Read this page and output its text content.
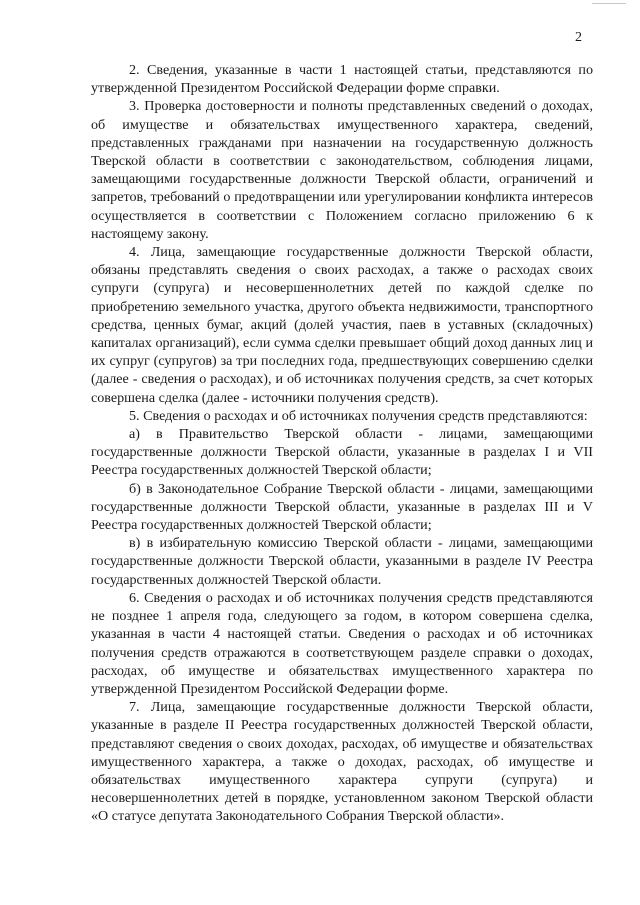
2

2. Сведения, указанные в части 1 настоящей статьи, представляются по утвержденной Президентом Российской Федерации форме справки.

3. Проверка достоверности и полноты представленных сведений о доходах, об имуществе и обязательствах имущественного характера, сведений, представленных гражданами при назначении на государственную должность Тверской области в соответствии с законодательством, соблюдения лицами, замещающими государственные должности Тверской области, ограничений и запретов, требований о предотвращении или урегулировании конфликта интересов осуществляется в соответствии с Положением согласно приложению 6 к настоящему закону.

4. Лица, замещающие государственные должности Тверской области, обязаны представлять сведения о своих расходах, а также о расходах своих супруги (супруга) и несовершеннолетних детей по каждой сделке по приобретению земельного участка, другого объекта недвижимости, транспортного средства, ценных бумаг, акций (долей участия, паев в уставных (складочных) капиталах организаций), если сумма сделки превышает общий доход данных лиц и их супруг (супругов) за три последних года, предшествующих совершению сделки (далее - сведения о расходах), и об источниках получения средств, за счет которых совершена сделка (далее - источники получения средств).

5. Сведения о расходах и об источниках получения средств представляются:

а) в Правительство Тверской области - лицами, замещающими государственные должности Тверской области, указанные в разделах I и VII Реестра государственных должностей Тверской области;

б) в Законодательное Собрание Тверской области - лицами, замещающими государственные должности Тверской области, указанные в разделах III и V Реестра государственных должностей Тверской области;

в) в избирательную комиссию Тверской области - лицами, замещающими государственные должности Тверской области, указанными в разделе IV Реестра государственных должностей Тверской области.

6. Сведения о расходах и об источниках получения средств представляются не позднее 1 апреля года, следующего за годом, в котором совершена сделка, указанная в части 4 настоящей статьи. Сведения о расходах и об источниках получения средств отражаются в соответствующем разделе справки о доходах, расходах, об имуществе и обязательствах имущественного характера по утвержденной Президентом Российской Федерации форме.

7. Лица, замещающие государственные должности Тверской области, указанные в разделе II Реестра государственных должностей Тверской области, представляют сведения о своих доходах, расходах, об имуществе и обязательствах имущественного характера, а также о доходах, расходах, об имуществе и обязательствах имущественного характера супруги (супруга) и несовершеннолетних детей в порядке, установленном законом Тверской области «О статусе депутата Законодательного Собрания Тверской области».
